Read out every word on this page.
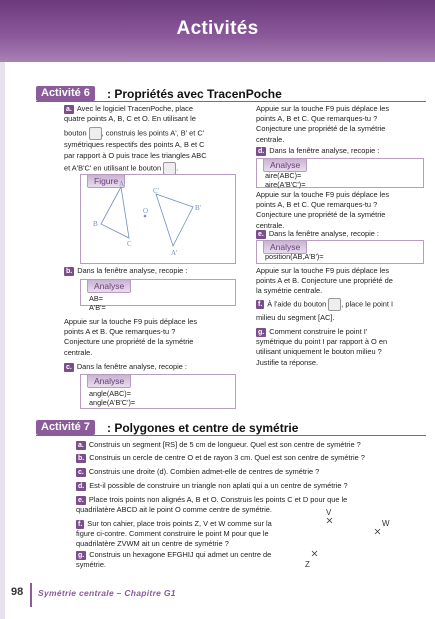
Activités
Activité 6	: Propriétés avec TracenPoche
a. Avec le logiciel TracenPoche, place
quatre points A, B, C et O. En utilisant le
bouton , construis les points A', B' et C'
symétriques respectifs des points A, B et C
par rapport à O puis trace les triangles ABC
et A'B'C' en utilisant le bouton .
Figure A
C'
B'
O
B
C
A'
b. Dans la fenêtre analyse, recopie :
Analyse
AB=
A'B'=
Appuie sur la touche F9 puis déplace les
points A et B. Que remarques-tu ?
Conjecture une propriété de la symétrie
centrale.
c. Dans la fenêtre analyse, recopie :
Analyse
angle(ABC)=
angle(A'B'C')=
Appuie sur la touche F9 puis déplace les
points A, B et C. Que remarques-tu ?
Conjecture une propriété de la symétrie
centrale.
d. Dans la fenêtre analyse, recopie :
Analyse
aire(ABC)=
aire(A'B'C')=
Appuie sur la touche F9 puis déplace les
points A, B et C. Que remarques-tu ?
Conjecture une propriété de la symétrie
centrale.
e. Dans la fenêtre analyse, recopie :
Analyse
position(AB,A'B')=
Appuie sur la touche F9 puis déplace les
points A et B. Conjecture une propriété de
la symétrie centrale.
f. À l'aide du bouton , place le point I
milieu du segment [AC].
g. Comment construire le point I'
symétrique du point I par rapport à O en
utilisant uniquement le bouton milieu ?
Justifie ta réponse.
Activité 7	: Polygones et centre de symétrie
a. Construis un segment [RS] de 5 cm de longueur. Quel est son centre de symétrie ?
b. Construis un cercle de centre O et de rayon 3 cm. Quel est son centre de symétrie ?
c. Construis une droite (d). Combien admet-elle de centres de symétrie ?
d. Est-il possible de construire un triangle non aplati qui a un centre de symétrie ?
e. Place trois points non alignés A, B et O. Construis les points C et D pour que le
quadrilatère ABCD ait le point O comme centre de symétrie.
f. Sur ton cahier, place trois points Z, V et W comme sur la
figure ci-contre. Comment construire le point M pour que le
quadrilatère ZVWM ait un centre de symétrie ?
g. Construis un hexagone EFGHIJ qui admet un centre de
symétrie.
V
W
Z
98 Symétrie centrale – Chapitre G1
